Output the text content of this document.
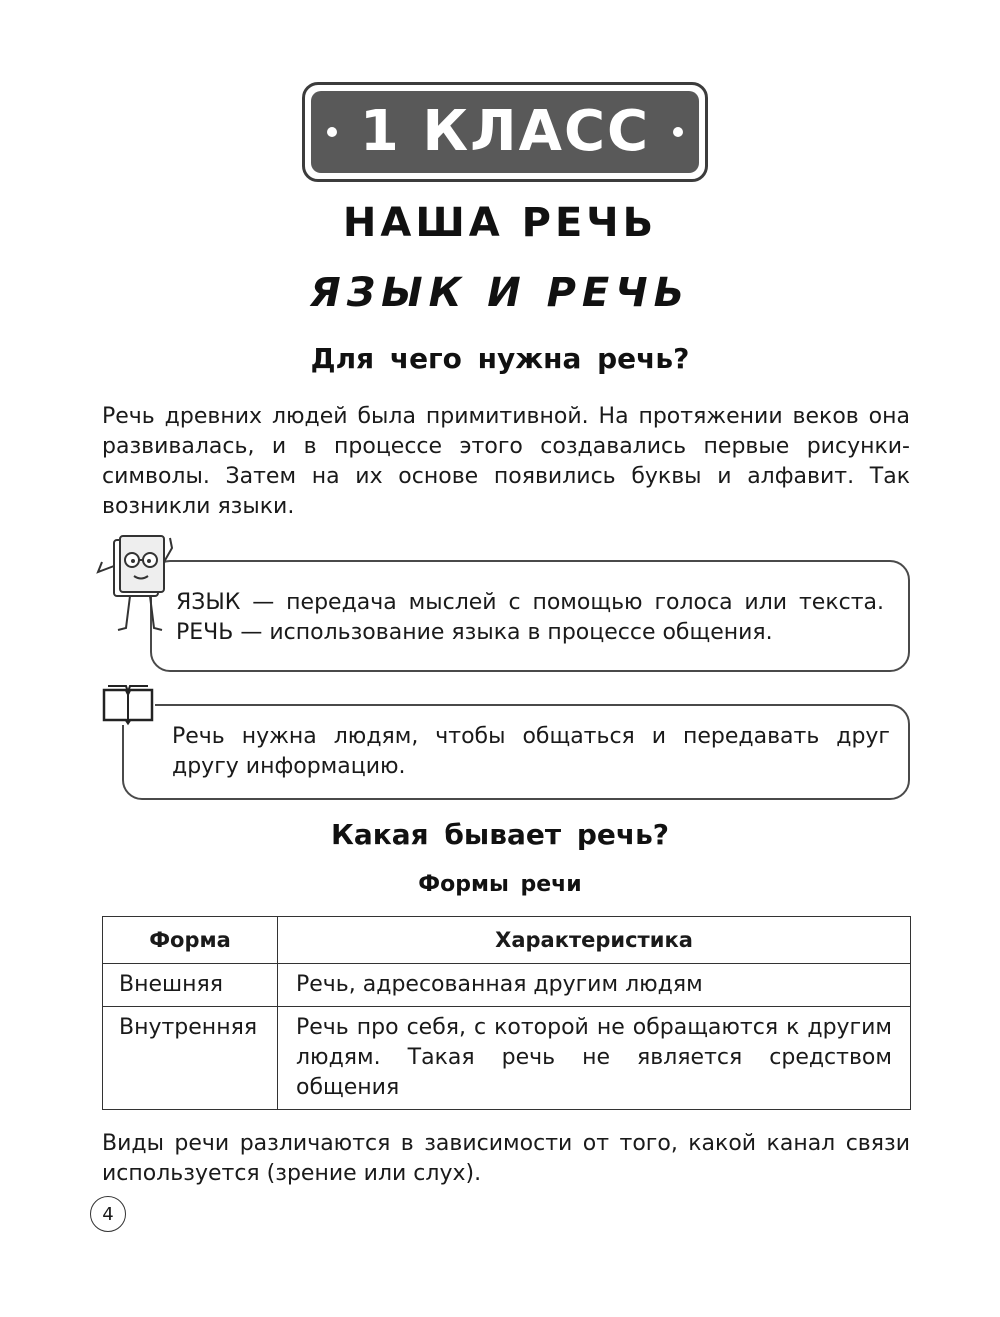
1 КЛАСС
НАША РЕЧЬ
ЯЗЫК И РЕЧЬ
Для чего нужна речь?

Речь древних людей была примитивной. На протяжении веков она развивалась, и в процессе этого создавались первые рисунки-символы. Затем на их основе появились буквы и алфавит. Так возникли языки.

ЯЗЫК — передача мыслей с помощью голоса или текста. РЕЧЬ — использование языка в процессе общения.

Речь нужна людям, чтобы общаться и передавать друг другу информацию.

Какая бывает речь?
Формы речи
Форма	Характеристика
Внешняя	Речь, адресованная другим людям
Внутренняя	Речь про себя, с которой не обращаются к другим людям. Такая речь не является средством общения

Виды речи различаются в зависимости от того, какой канал связи используется (зрение или слух).

4
